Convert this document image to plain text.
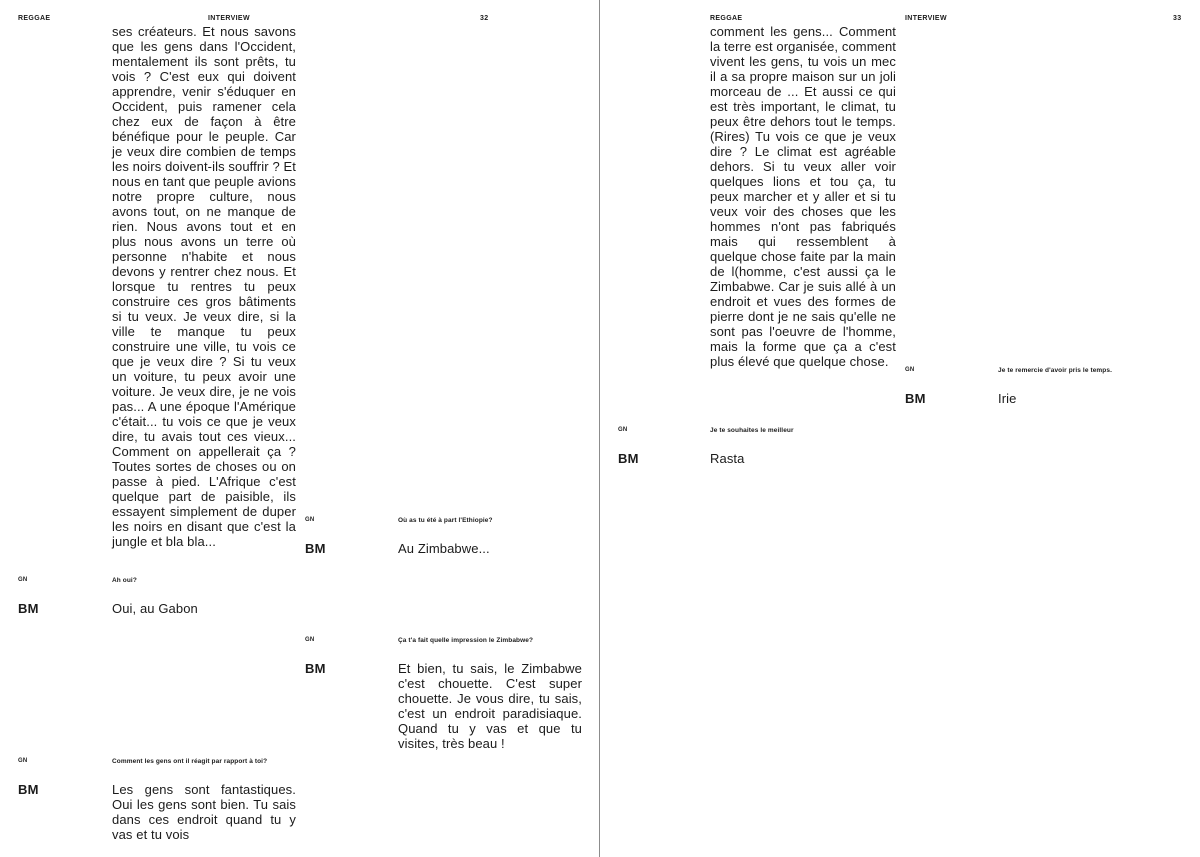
REGGAE	INTERVIEW	32

ses créateurs. Et nous savons que les gens dans l'Occident, mentalement ils sont prêts, tu vois ? C'est eux qui doivent apprendre, venir s'éduquer en Occident, puis ramener cela chez eux de façon à être bénéfique pour le peuple. Car je veux dire combien de temps les noirs doivent-ils souffrir ? Et nous en tant que peuple avions notre propre culture, nous avons tout, on ne manque de rien. Nous avons tout et en plus nous avons un terre où personne n'habite et nous devons y rentrer chez nous. Et lorsque tu rentres tu peux construire ces gros bâtiments si tu veux. Je veux dire, si la ville te manque tu peux construire une ville, tu vois ce que je veux dire ? Si tu veux un voiture, tu peux avoir une voiture. Je veux dire, je ne vois pas... A une époque l'Amérique c'était... tu vois ce que je veux dire, tu avais tout ces vieux... Comment on appellerait ça ? Toutes sortes de choses ou on passe à pied. L'Afrique c'est quelque part de paisible, ils essayent simplement de duper les noirs en disant que c'est la jungle et bla bla...

GN	Où as tu été à part l'Ethiopie?
BM	Au Zimbabwe...

GN	Ah oui?
BM	Oui, au Gabon

GN	Ça t'a fait quelle impression le Zimbabwe?
BM	Et bien, tu sais, le Zimbabwe c'est chouette. C'est super chouette. Je vous dire, tu sais, c'est un endroit paradisiaque. Quand tu y vas et que tu visites, très beau !

GN	Comment les gens ont il réagit par rapport à toi?
BM	Les gens sont fantastiques. Oui les gens sont bien. Tu sais dans ces endroit quand tu y vas et tu vois

REGGAE	INTERVIEW	33

comment les gens... Comment la terre est organisée, comment vivent les gens, tu vois un mec il a sa propre maison sur un joli morceau de ... Et aussi ce qui est très important, le climat, tu peux être dehors tout le temps. (Rires) Tu vois ce que je veux dire ? Le climat est agréable dehors. Si tu veux aller voir quelques lions et tou ça, tu peux marcher et y aller et si tu veux voir des choses que les hommes n'ont pas fabriqués mais qui ressemblent à quelque chose faite par la main de l(homme, c'est aussi ça le Zimbabwe. Car je suis allé à un endroit et vues des formes de pierre dont je ne sais qu'elle ne sont pas l'oeuvre de l'homme, mais la forme que ça a c'est plus élevé que quelque chose.

GN	Je te remercie d'avoir pris le temps.
BM	Irie

GN	Je te souhaites le meilleur
BM	Rasta
